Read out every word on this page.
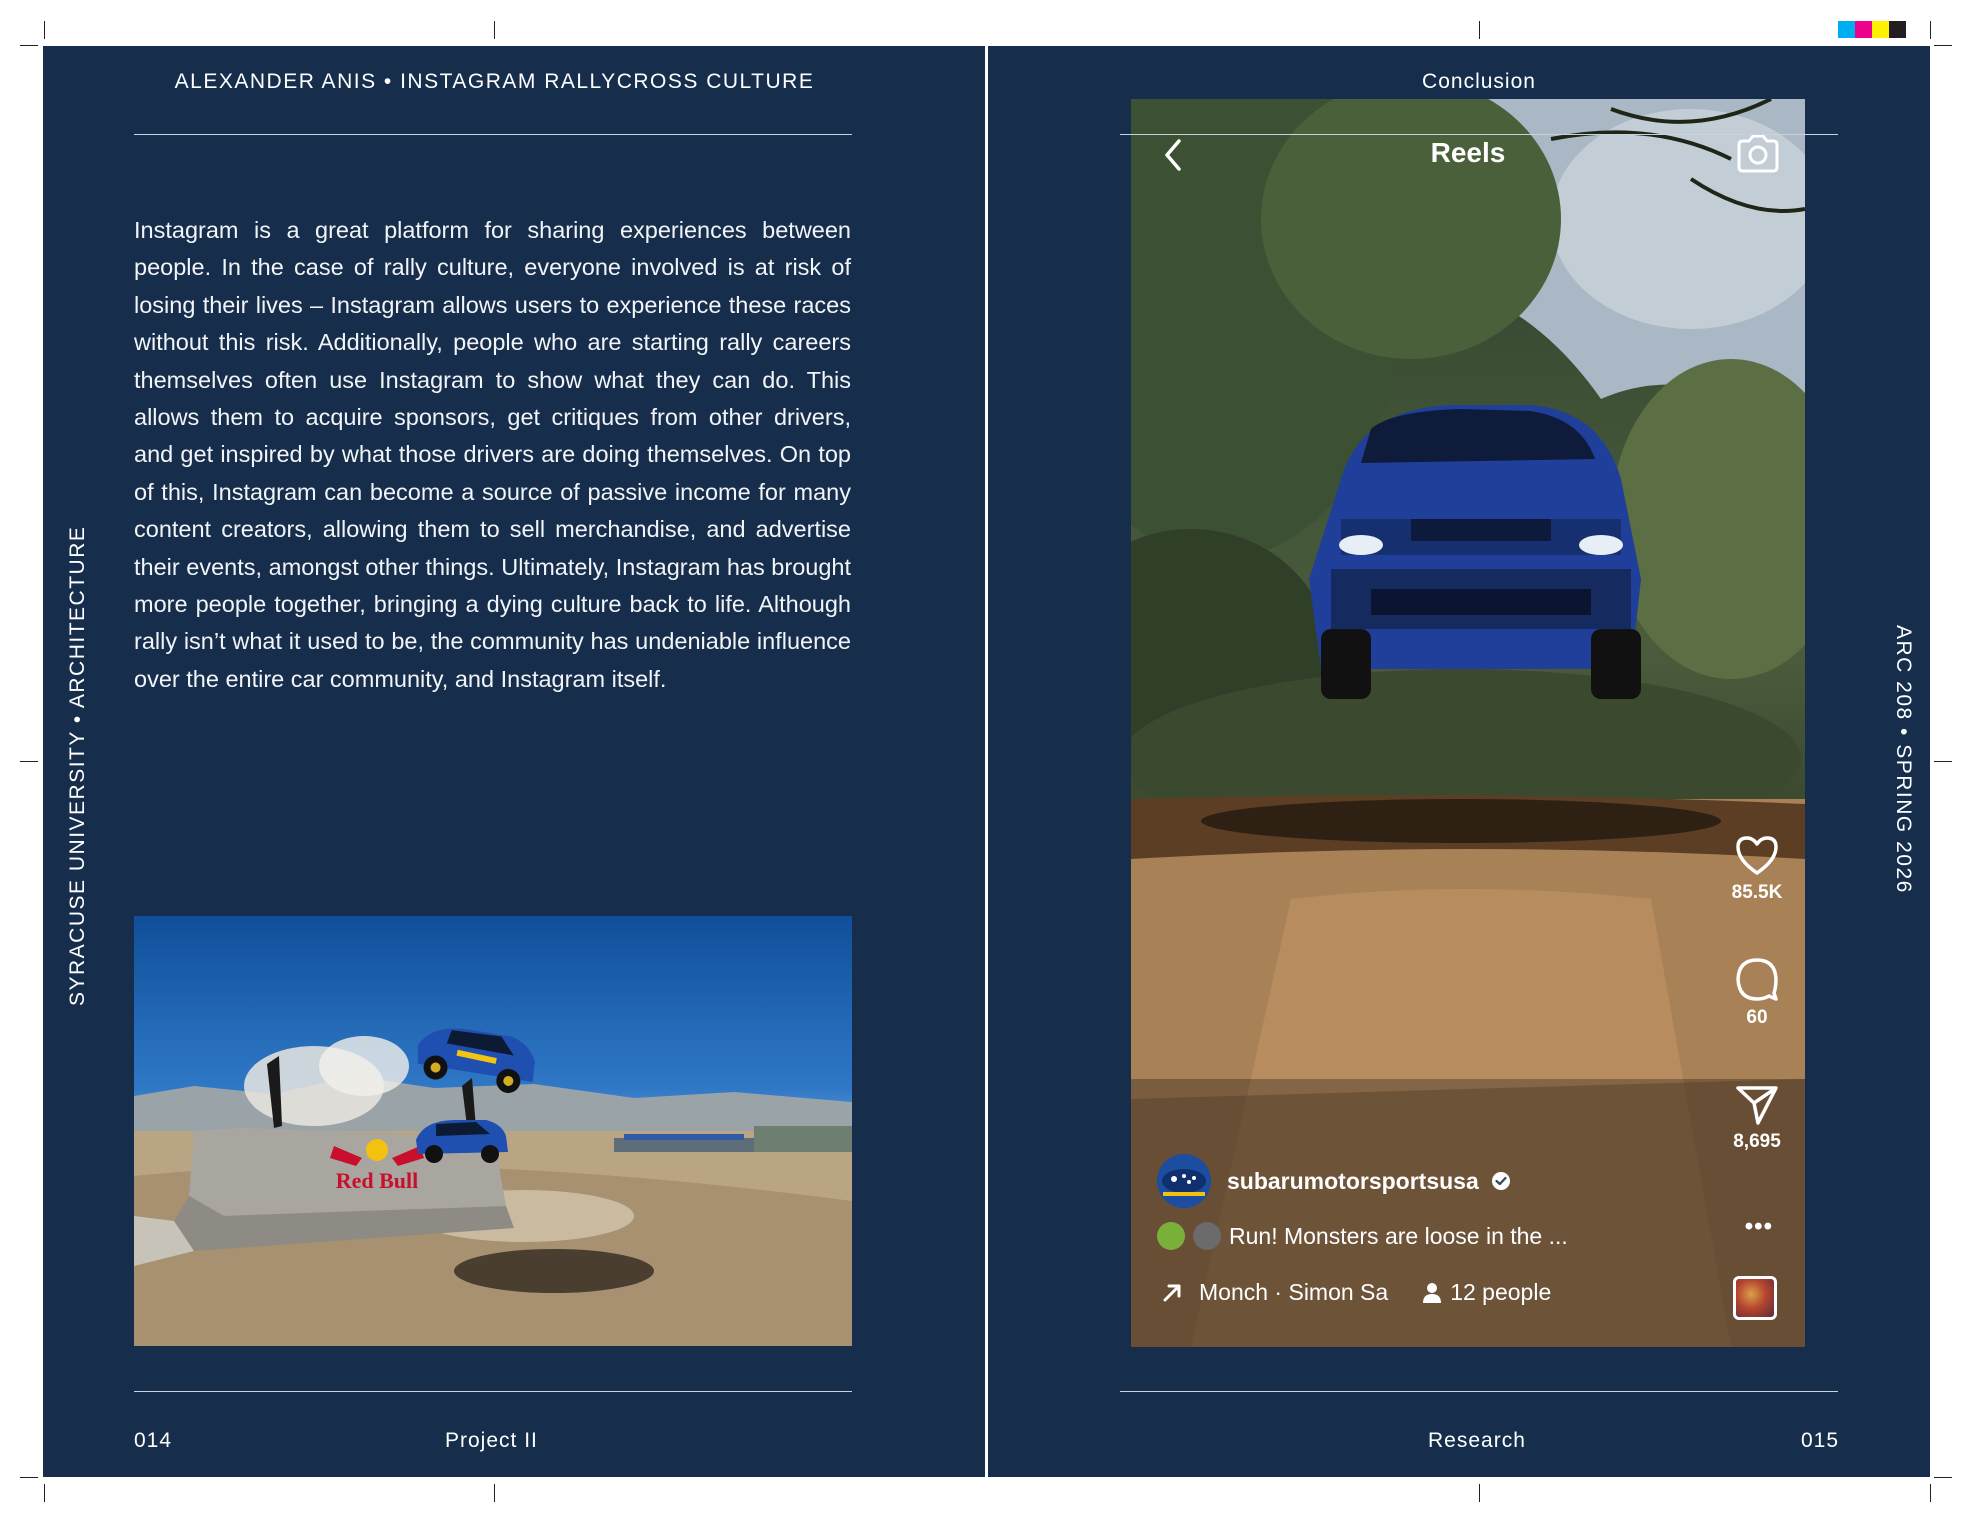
ALEXANDER ANIS • INSTAGRAM RALLYCROSS CULTURE

Instagram is a great platform for sharing experiences between people. In the case of rally culture, everyone involved is at risk of losing their lives – Instagram allows users to experience these races without this risk. Additionally, people who are starting rally careers themselves often use Instagram to show what they can do. This allows them to acquire sponsors, get critiques from other drivers, and get inspired by what those drivers are doing themselves. On top of this, Instagram can become a source of passive income for many content creators, allowing them to sell merchandise, and advertise their events, amongst other things. Ultimately, Instagram has brought more people together, bringing a dying culture back to life. Although rally isn’t what it used to be, the community has undeniable influence over the entire car community, and Instagram itself.

Red Bull
014	Project II
SYRACUSE UNIVERSITY • ARCHITECTURE
Conclusion
Reels
85.5K
60
8,695
subarumotorsportsusa
•••
Run! Monsters are loose in the ...
Monch · Simon Sa	12 people
Research	015
ARC 208 • SPRING 2026
